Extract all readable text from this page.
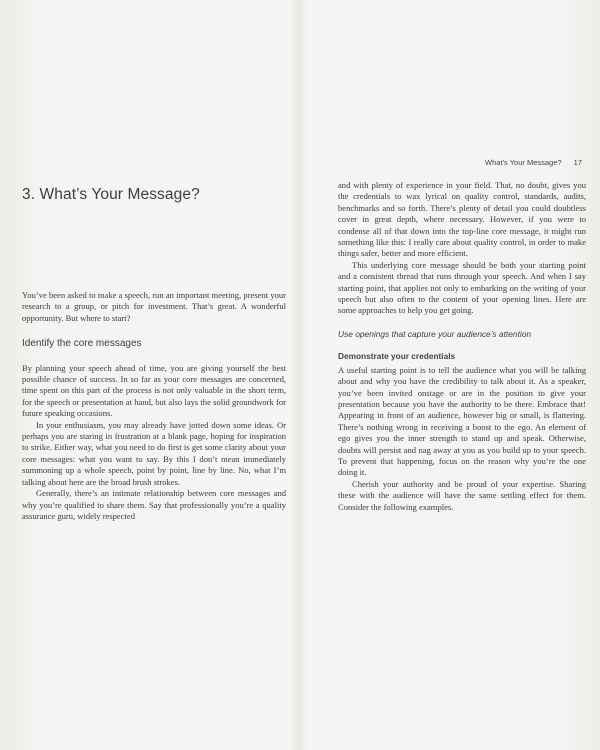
What’s Your Message? 17
3. What’s Your Message?

You’ve been asked to make a speech, run an important meeting, present your research to a group, or pitch for investment. That’s great. A wonderful opportunity. But where to start?

Identify the core messages

By planning your speech ahead of time, you are giving yourself the best possible chance of success. In so far as your core messages are concerned, time spent on this part of the process is not only valuable in the short term, for the speech or presentation at hand, but also lays the solid groundwork for future speaking occasions.

In your enthusiasm, you may already have jotted down some ideas. Or perhaps you are staring in frustration at a blank page, hoping for inspiration to strike. Either way, what you need to do first is get some clarity about your core messages: what you want to say. By this I don’t mean immediately summoning up a whole speech, point by point, line by line. No, what I’m talking about here are the broad brush strokes.

Generally, there’s an intimate relationship between core messages and why you’re qualified to share them. Say that professionally you’re a quality assurance guru, widely respected

and with plenty of experience in your field. That, no doubt, gives you the credentials to wax lyrical on quality control, standards, audits, benchmarks and so forth. There’s plenty of detail you could doubtless cover in great depth, where necessary. However, if you were to condense all of that down into the top-line core message, it might run something like this: I really care about quality control, in order to make things safer, better and more efficient.

This underlying core message should be both your starting point and a consistent thread that runs through your speech. And when I say starting point, that applies not only to embarking on the writing of your speech but also often to the content of your opening lines. Here are some approaches to help you get going.

Use openings that capture your audience’s attention
Demonstrate your credentials

A useful starting point is to tell the audience what you will be talking about and why you have the credibility to talk about it. As a speaker, you’ve been invited onstage or are in the position to give your presentation because you have the authority to be there. Embrace that! Appearing in front of an audience, however big or small, is flattering. There’s nothing wrong in receiving a boost to the ego. An element of ego gives you the inner strength to stand up and speak. Otherwise, doubts will persist and nag away at you as you build up to your speech. To prevent that happening, focus on the reason why you’re the one doing it.

Cherish your authority and be proud of your expertise. Sharing these with the audience will have the same settling effect for them. Consider the following examples.
